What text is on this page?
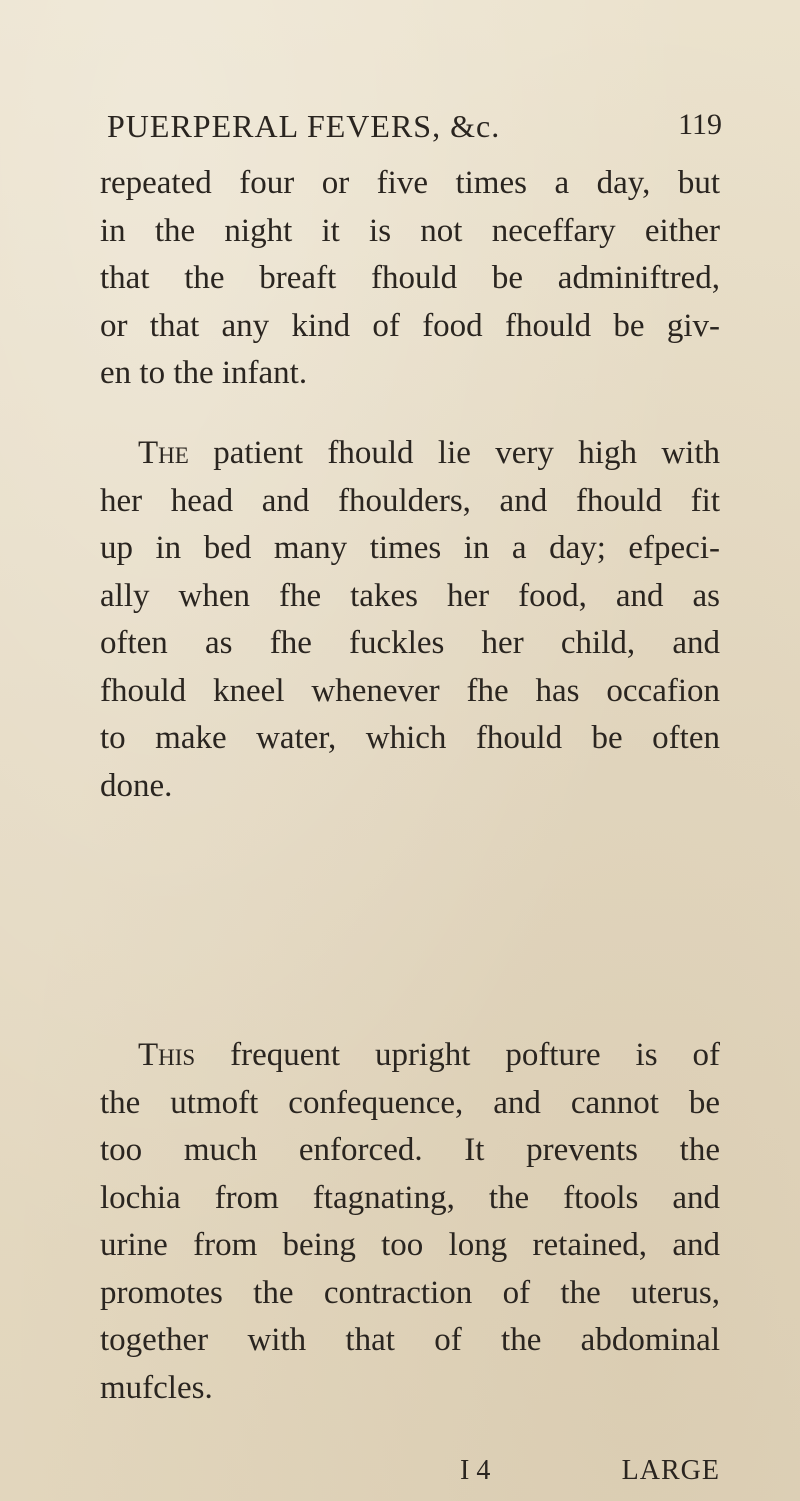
PUERPERAL FEVERS, &c.	119

repeated four or five times a day, but
in the night it is not neceffary either
that the breaft fhould be adminiftred,
or that any kind of food fhould be giv-
en to the infant.

The patient fhould lie very high with
her head and fhoulders, and fhould fit
up in bed many times in a day; efpeci-
ally when fhe takes her food, and as
often as fhe fuckles her child, and
fhould kneel whenever fhe has occafion
to make water, which fhould be often
done.

This frequent upright pofture is of
the utmoft confequence, and cannot be
too much enforced. It prevents the
lochia from ftagnating, the ftools and
urine from being too long retained, and
promotes the contraction of the uterus,
together with that of the abdominal
mufcles.

I 4	LARGE
